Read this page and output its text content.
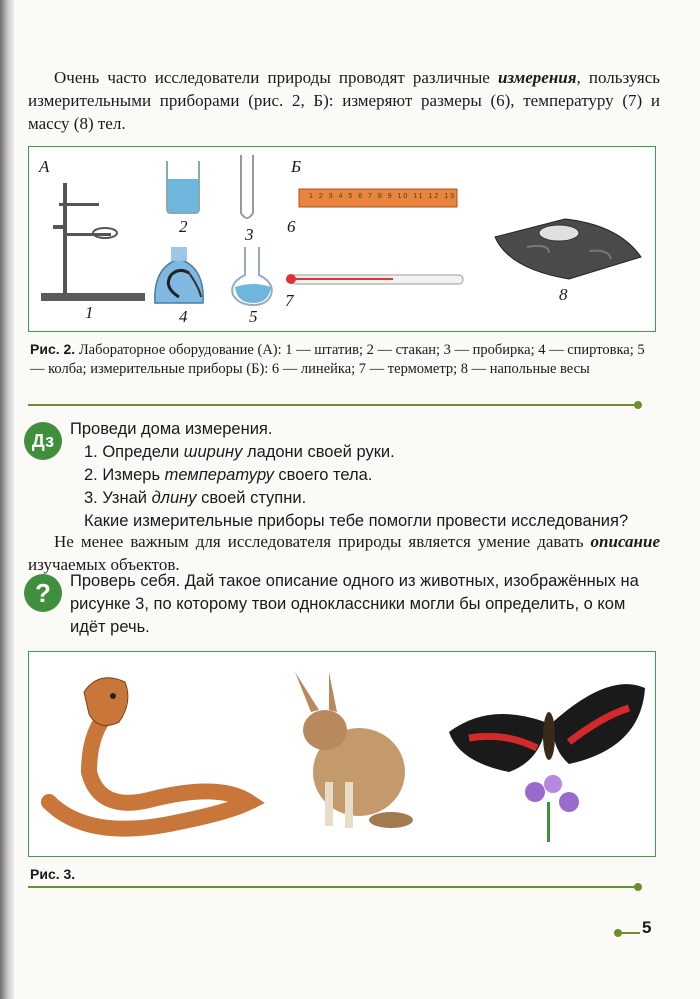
Очень часто исследователи природы проводят различные измерения, пользуясь измерительными приборами (рис. 2, Б): измеряют размеры (6), температуру (7) и массу (8) тел.
А	Б
1
2	3
4	5
6
7	8
1 2 3 4 5 6 7 8 9 10 11 12 13
Рис. 2. Лабораторное оборудование (А): 1 — штатив; 2 — стакан; 3 — пробирка; 4 — спиртовка; 5 — колба; измерительные приборы (Б): 6 — линейка; 7 — термометр; 8 — напольные весы
Дз
Проведи дома измерения.
1. Определи ширину ладони своей руки.
2. Измерь температуру своего тела.
3. Узнай длину своей ступни.
Какие измерительные приборы тебе помогли провести исследования?
Не менее важным для исследователя природы является умение давать описание изучаемых объектов.
?	Проверь себя. Дай такое описание одного из животных, изображённых на рисунке 3, по которому твои одноклассники могли бы определить, о ком идёт речь.
Рис. 3.
5
